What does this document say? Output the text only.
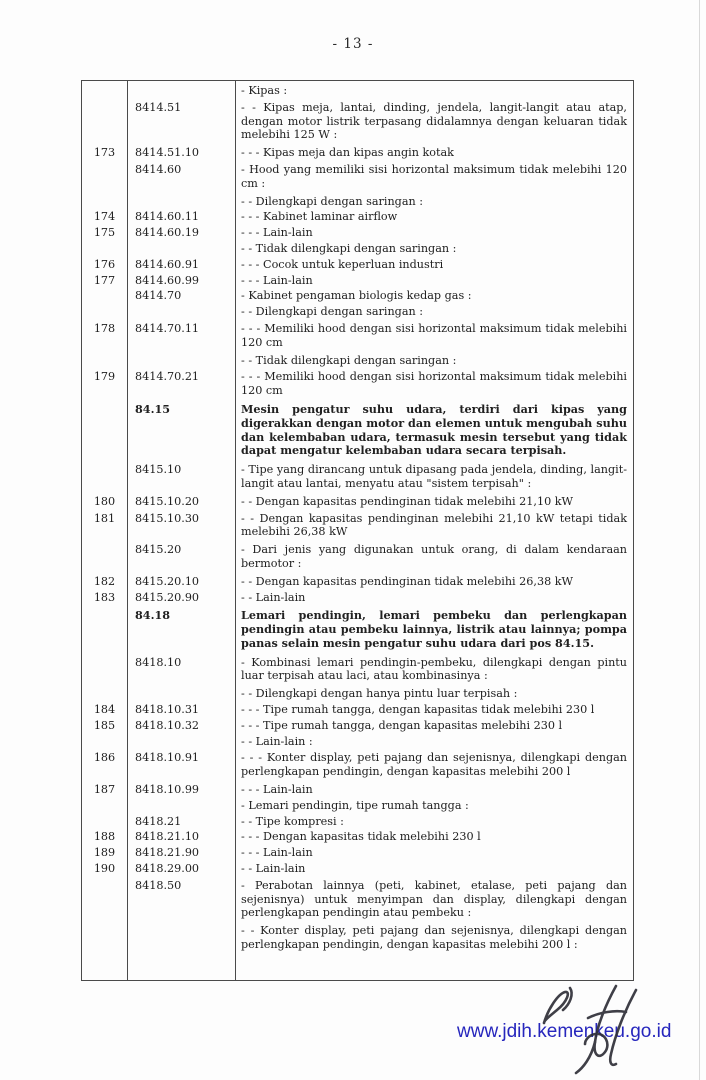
- 13 -
- Kipas :
8414.51	- - Kipas meja, lantai, dinding, jendela, langit-langit atau atap, dengan motor listrik terpasang didalamnya dengan keluaran tidak melebihi 125 W :
173	8414.51.10	- - - Kipas meja dan kipas angin kotak
8414.60	- Hood yang memiliki sisi horizontal maksimum tidak melebihi 120 cm :
- - Dilengkapi dengan saringan :
174	8414.60.11	- - - Kabinet laminar airflow
175	8414.60.19	- - - Lain-lain
- - Tidak dilengkapi dengan saringan :
176	8414.60.91	- - - Cocok untuk keperluan industri
177	8414.60.99	- - - Lain-lain
8414.70	- Kabinet pengaman biologis kedap gas :
- - Dilengkapi dengan saringan :
178	8414.70.11	- - - Memiliki hood dengan sisi horizontal maksimum tidak melebihi 120 cm
- - Tidak dilengkapi dengan saringan :
179	8414.70.21	- - - Memiliki hood dengan sisi horizontal maksimum tidak melebihi 120 cm
84.15	Mesin pengatur suhu udara, terdiri dari kipas yang digerakkan dengan motor dan elemen untuk mengubah suhu dan kelembaban udara, termasuk mesin tersebut yang tidak dapat mengatur kelembaban udara secara terpisah.
8415.10	- Tipe yang dirancang untuk dipasang pada jendela, dinding, langit-langit atau lantai, menyatu atau "sistem terpisah" :
180	8415.10.20	- - Dengan kapasitas pendinginan tidak melebihi 21,10 kW
181	8415.10.30	- - Dengan kapasitas pendinginan melebihi 21,10 kW tetapi tidak melebihi 26,38 kW
8415.20	- Dari jenis yang digunakan untuk orang, di dalam kendaraan bermotor :
182	8415.20.10	- - Dengan kapasitas pendinginan tidak melebihi 26,38 kW
183	8415.20.90	- - Lain-lain
84.18	Lemari pendingin, lemari pembeku dan perlengkapan pendingin atau pembeku lainnya, listrik atau lainnya; pompa panas selain mesin pengatur suhu udara dari pos 84.15.
8418.10	- Kombinasi lemari pendingin-pembeku, dilengkapi dengan pintu luar terpisah atau laci, atau kombinasinya :
- - Dilengkapi dengan hanya pintu luar terpisah :
184	8418.10.31	- - - Tipe rumah tangga, dengan kapasitas tidak melebihi 230 l
185	8418.10.32	- - - Tipe rumah tangga, dengan kapasitas melebihi 230 l
- - Lain-lain :
186	8418.10.91	- - - Konter display, peti pajang dan sejenisnya, dilengkapi dengan perlengkapan pendingin, dengan kapasitas melebihi 200 l
187	8418.10.99	- - - Lain-lain
- Lemari pendingin, tipe rumah tangga :
8418.21	- - Tipe kompresi :
188	8418.21.10	- - - Dengan kapasitas tidak melebihi 230 l
189	8418.21.90	- - - Lain-lain
190	8418.29.00	- - Lain-lain
8418.50	- Perabotan lainnya (peti, kabinet, etalase, peti pajang dan sejenisnya) untuk menyimpan dan display, dilengkapi dengan perlengkapan pendingin atau pembeku :
- - Konter display, peti pajang dan sejenisnya, dilengkapi dengan perlengkapan pendingin, dengan kapasitas melebihi 200 l :
www.jdih.kemenkeu.go.id
